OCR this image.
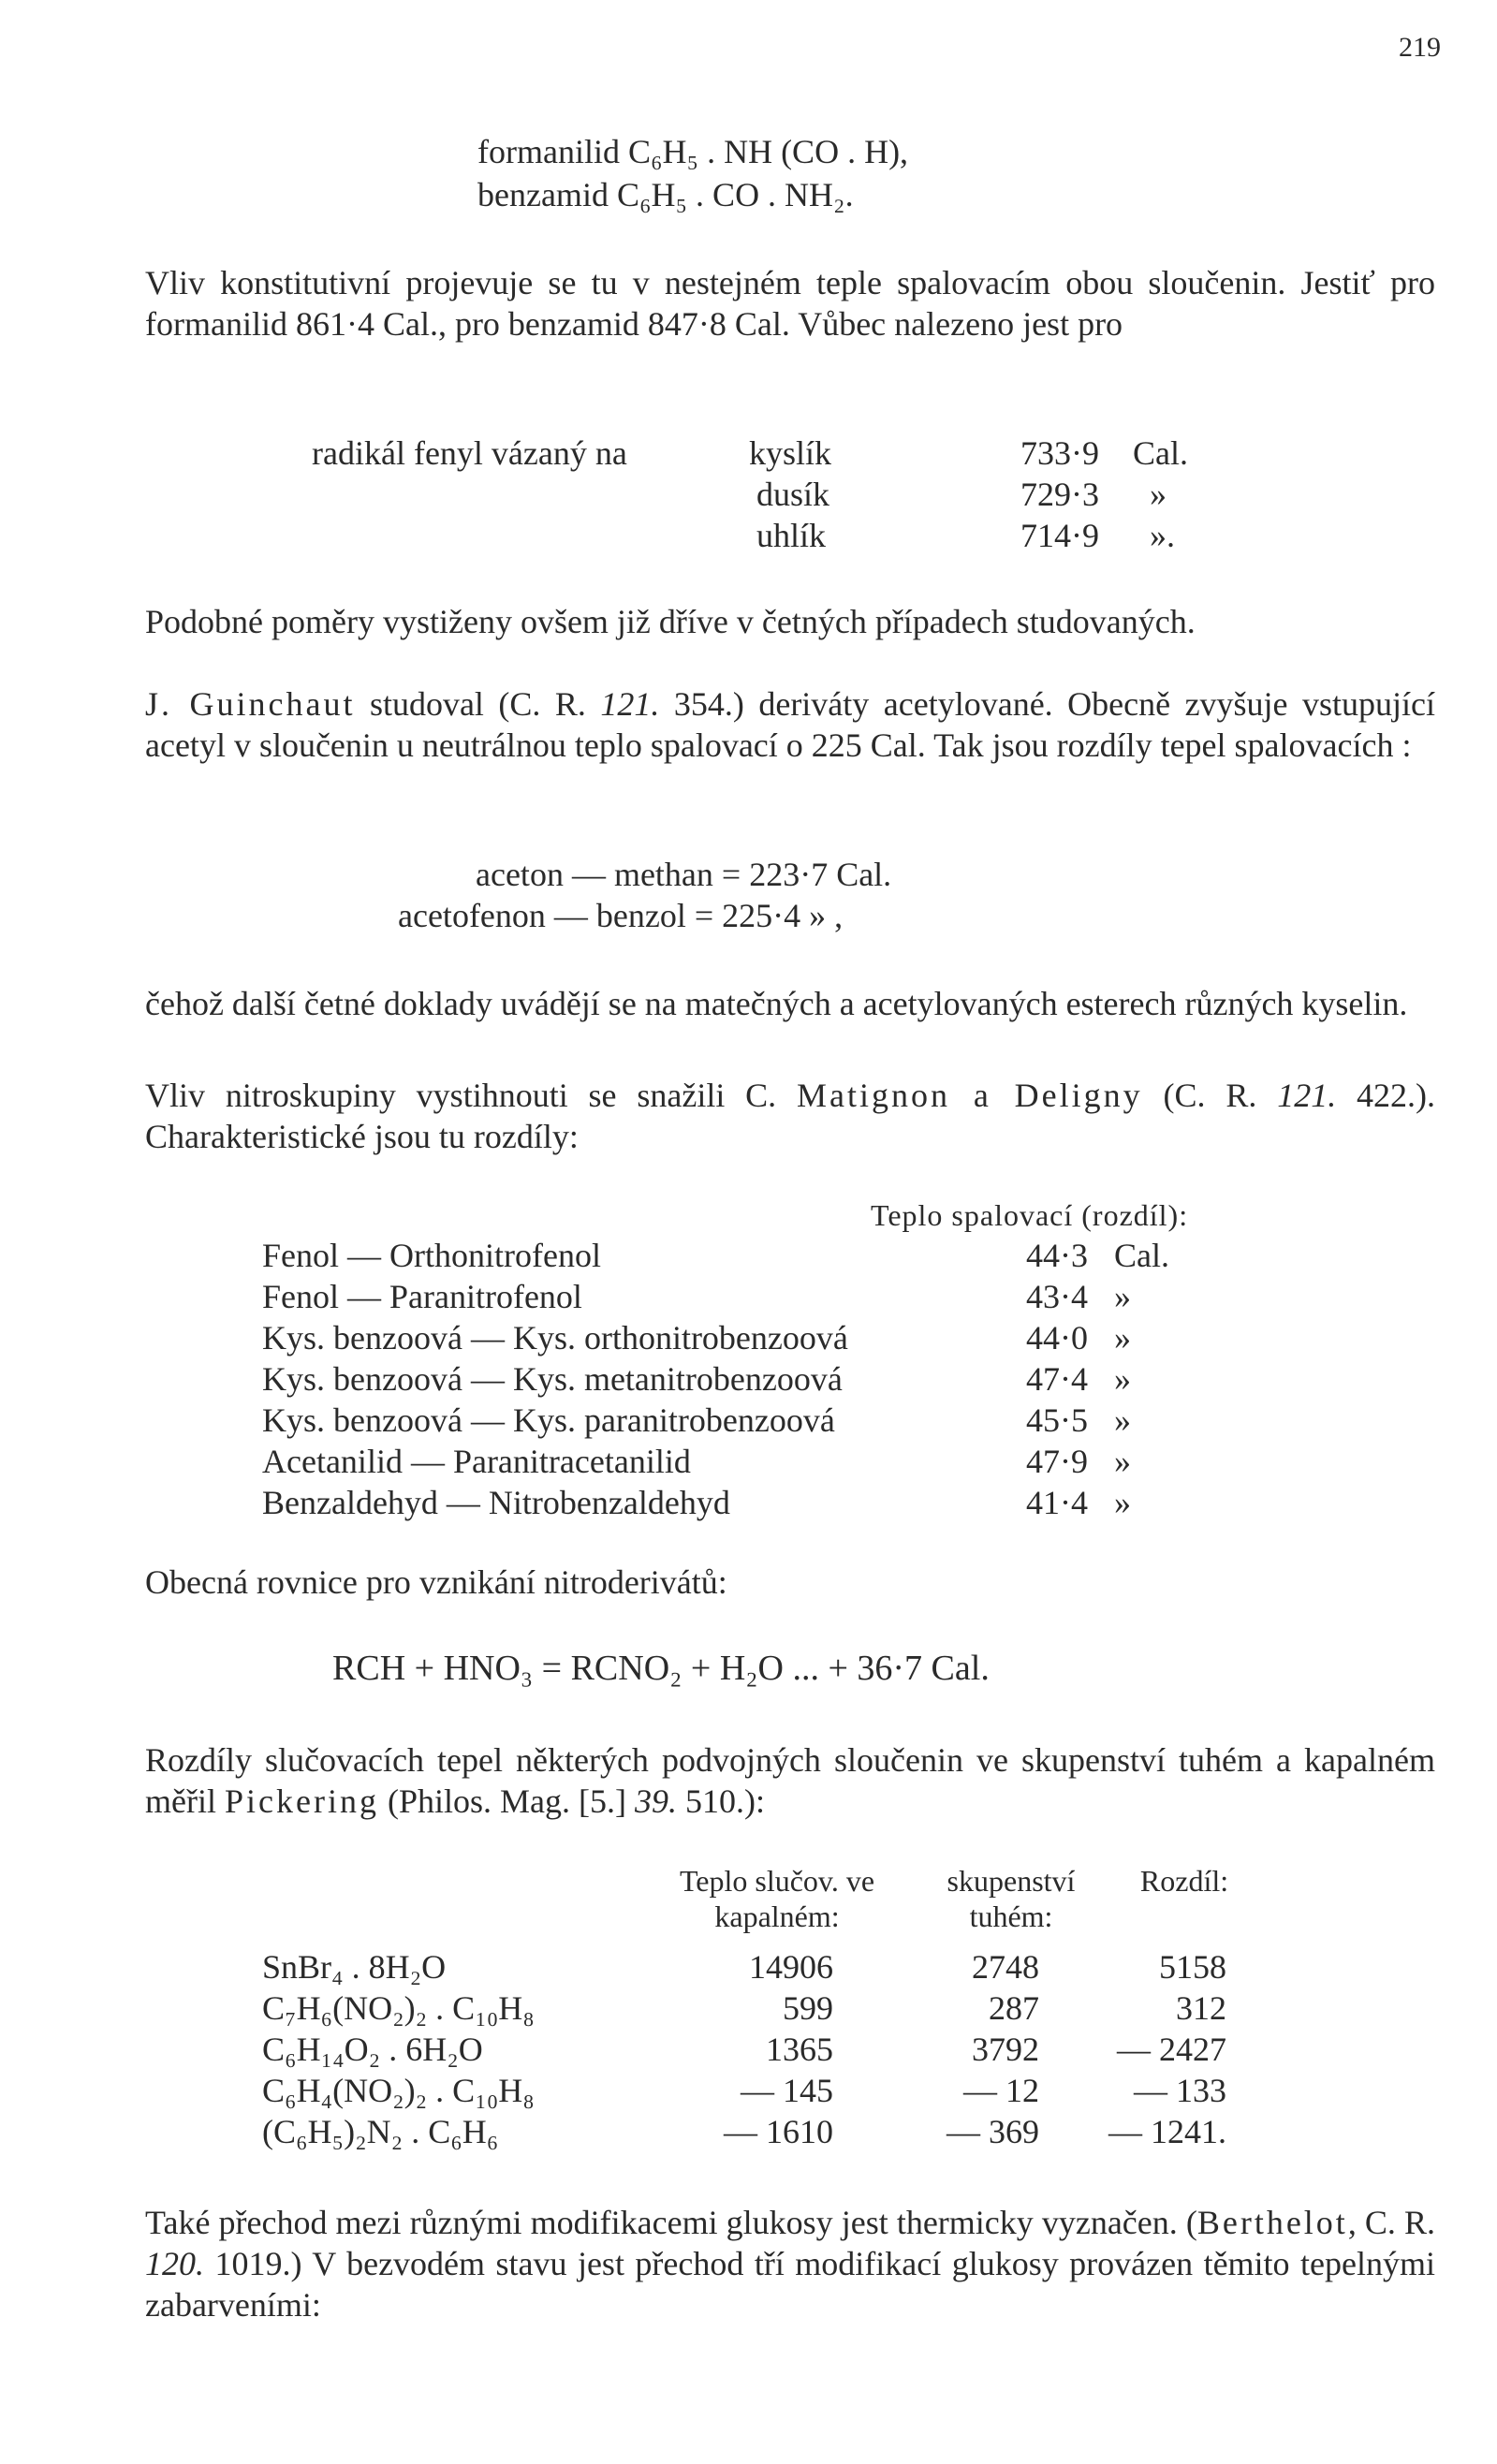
219
formanilid C₆H₅ . NH (CO . H),
benzamid C₆H₅ . CO . NH₂.
Vliv konstitutivní projevuje se tu v nestejném teple spalovacím obou sloučenin. Jestiť pro formanilid 861·4 Cal., pro benzamid 847·8 Cal. Vůbec nalezeno jest pro
radikál fenyl vázaný na	kyslík	733·9 Cal.
dusík	729·3 »
uhlík	714·9 ».
Podobné poměry vystiženy ovšem již dříve v četných případech studovaných.
J. Guinchaut studoval (C. R. 121. 354.) deriváty acetylované. Obecně zvyšuje vstupující acetyl v sloučenin u neutrálnou teplo spalovací o 225 Cal. Tak jsou rozdíly tepel spalovacích :
aceton — methan = 223·7 Cal.
acetofenon — benzol = 225·4 » ,
čehož další četné doklady uvádějí se na matečných a acetylovaných esterech různých kyselin.
Vliv nitroskupiny vystihnouti se snažili C. Matignon a Deligny (C. R. 121. 422.). Charakteristické jsou tu rozdíly:
Teplo spalovací (rozdíl):
Fenol — Orthonitrofenol	44·3 Cal.
Fenol — Paranitrofenol	43·4 »
Kys. benzoová — Kys. orthonitrobenzoová	44·0 »
Kys. benzoová — Kys. metanitrobenzoová	47·4 »
Kys. benzoová — Kys. paranitrobenzoová	45·5 »
Acetanilid — Paranitracetanilid	47·9 »
Benzaldehyd — Nitrobenzaldehyd	41·4 »
Obecná rovnice pro vznikání nitroderivátů:
RCH + HNO₃ = RCNO₂ + H₂O ... + 36·7 Cal.
Rozdíly slučovacích tepel některých podvojných sloučenin ve skupenství tuhém a kapalném měřil Pickering (Philos. Mag. [5.] 39. 510.):
Teplo slučov. ve
kapalném:
skupenství
tuhém:
Rozdíl:
SnBr₄ . 8H₂O	14906	2748	5158
C₇H₆(NO₂)₂ . C₁₀H₈	599	287	312
C₆H₁₄O₂ . 6H₂O	1365	3792	— 2427
C₆H₄(NO₂)₂ . C₁₀H₈	— 145	— 12	— 133
(C₆H₅)₂N₂ . C₆H₆	— 1610	— 369	— 1241.
Také přechod mezi různými modifikacemi glukosy jest thermicky vyznačen. (Berthelot, C. R. 120. 1019.) V bezvodém stavu jest přechod tří modifikací glukosy provázen těmito tepelnými zabarveními:
